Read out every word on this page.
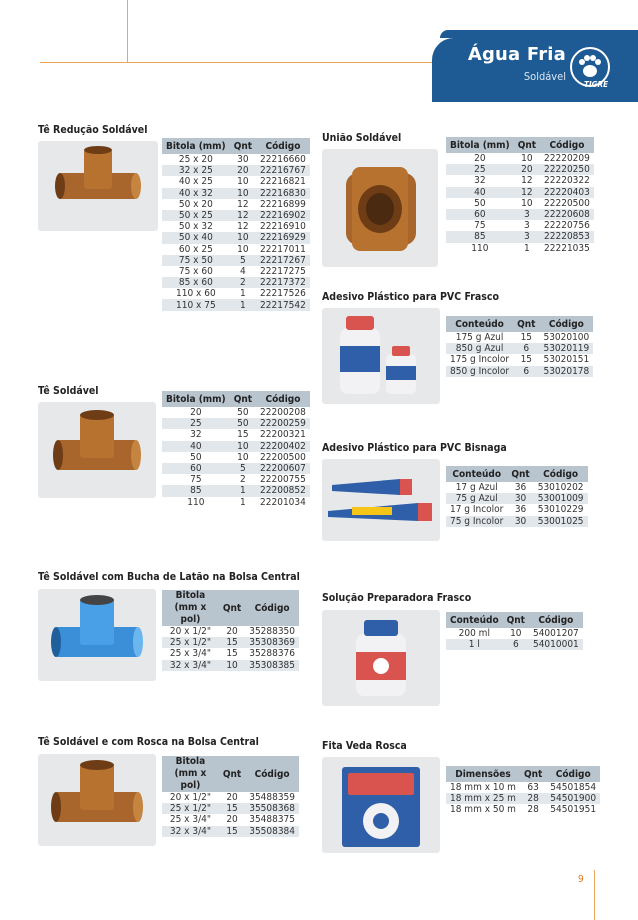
Água Fria
Soldável
TIGRE
Tê Redução Soldável
Bitola (mm)	Qnt	Código
25 x 20	30	22216660
32 x 25	20	22216767
40 x 25	10	22216821
40 x 32	10	22216830
50 x 20	12	22216899
50 x 25	12	22216902
50 x 32	12	22216910
50 x 40	10	22216929
60 x 25	10	22217011
75 x 50	5	22217267
75 x 60	4	22217275
85 x 60	2	22217372
110 x 60	1	22217526
110 x 75	1	22217542
União Soldável
Bitola (mm)	Qnt	Código
20	10	22220209
25	20	22220250
32	12	22220322
40	12	22220403
50	10	22220500
60	3	22220608
75	3	22220756
85	3	22220853
110	1	22221035
Adesivo Plástico para PVC Frasco
Conteúdo	Qnt	Código
175 g Azul	15	53020100
850 g Azul	6	53020119
175 g Incolor	15	53020151
850 g Incolor	6	53020178
Tê Soldável
Bitola (mm)	Qnt	Código
20	50	22200208
25	50	22200259
32	15	22200321
40	10	22200402
50	10	22200500
60	5	22200607
75	2	22200755
85	1	22200852
110	1	22201034
Adesivo Plástico para PVC Bisnaga
Conteúdo	Qnt	Código
17 g Azul	36	53010202
75 g Azul	30	53001009
17 g Incolor	36	53010229
75 g Incolor	30	53001025
Tê Soldável com Bucha de Latão na Bolsa Central
Bitola
(mm x pol)	Qnt	Código
20 x 1/2"	20	35288350
25 x 1/2"	15	35308369
25 x 3/4"	15	35288376
32 x 3/4"	10	35308385
Solução Preparadora Frasco
Conteúdo	Qnt	Código
200 ml	10	54001207
1 l	6	54010001
Tê Soldável e com Rosca na Bolsa Central
Bitola
(mm x pol)	Qnt	Código
20 x 1/2"	20	35488359
25 x 1/2"	15	35508368
25 x 3/4"	20	35488375
32 x 3/4"	15	35508384
Fita Veda Rosca
Dimensões	Qnt	Código
18 mm x 10 m	63	54501854
18 mm x 25 m	28	54501900
18 mm x 50 m	28	54501951
9
